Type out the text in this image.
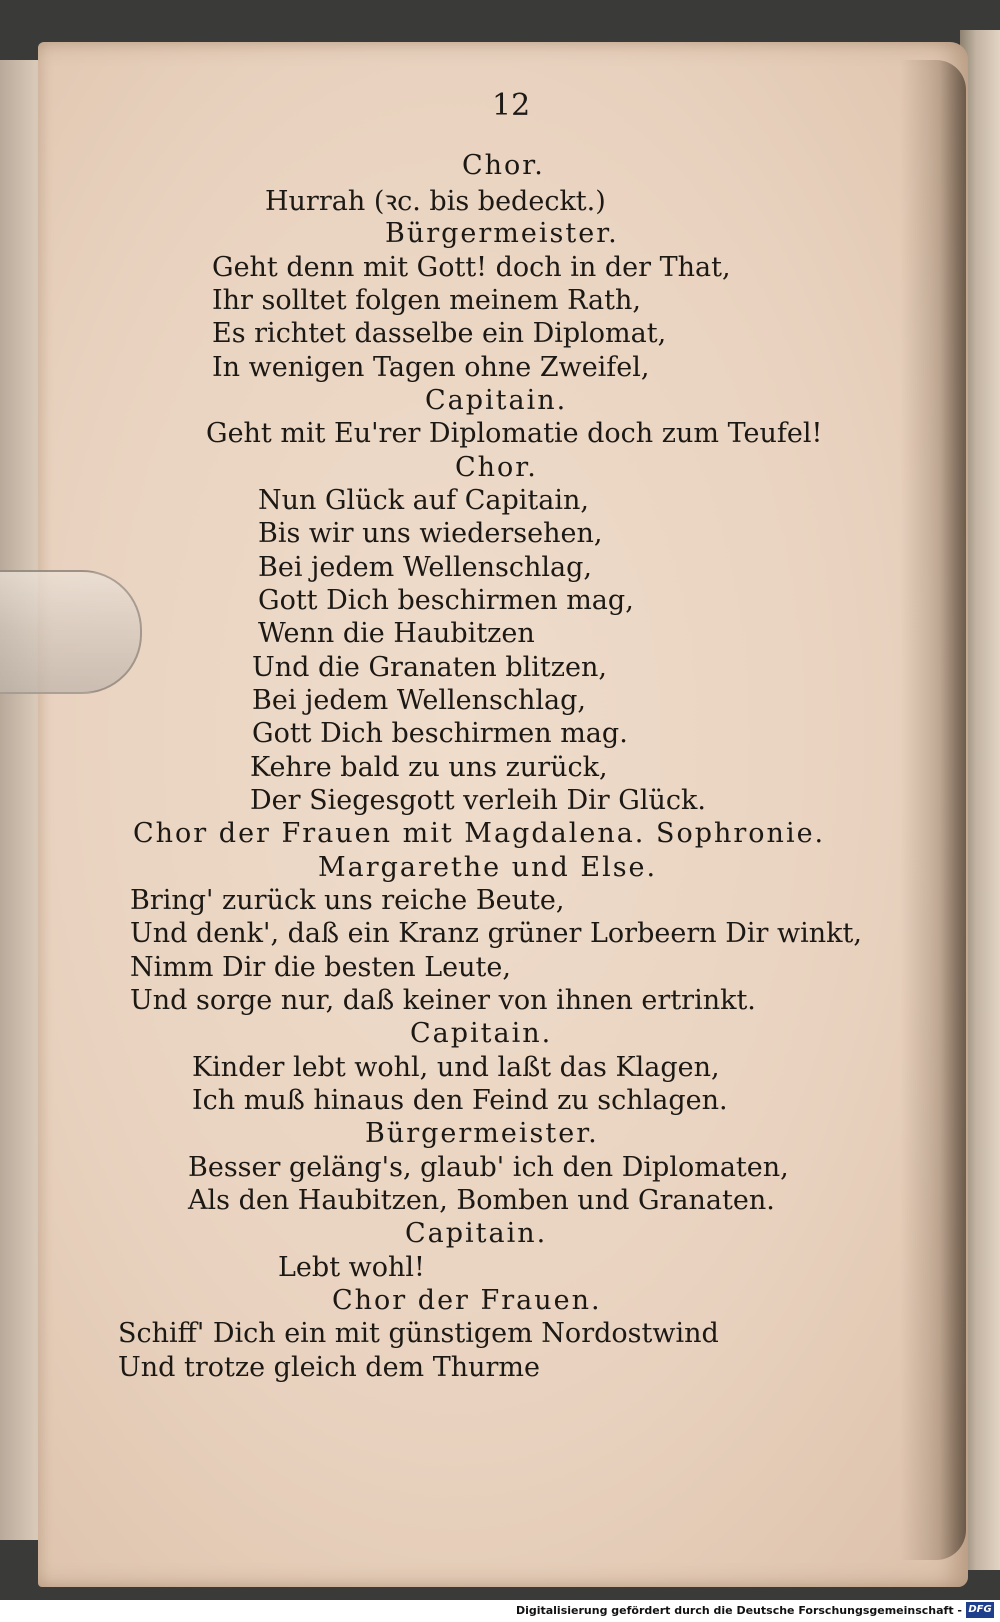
12
Chor.
Hurrah (ꝛc. bis bedeckt.)
Bürgermeister.
Geht denn mit Gott! doch in der That,
Ihr solltet folgen meinem Rath,
Es richtet dasselbe ein Diplomat,
In wenigen Tagen ohne Zweifel,
Capitain.
Geht mit Eu'rer Diplomatie doch zum Teufel!
Chor.
Nun Glück auf Capitain,
Bis wir uns wiedersehen,
Bei jedem Wellenschlag,
Gott Dich beschirmen mag,
Wenn die Haubitzen
Und die Granaten blitzen,
Bei jedem Wellenschlag,
Gott Dich beschirmen mag.
Kehre bald zu uns zurück,
Der Siegesgott verleih Dir Glück.
Chor der Frauen mit Magdalena. Sophronie.
Margarethe und Else.
Bring' zurück uns reiche Beute,
Und denk', daß ein Kranz grüner Lorbeern Dir winkt,
Nimm Dir die besten Leute,
Und sorge nur, daß keiner von ihnen ertrinkt.
Capitain.
Kinder lebt wohl, und laßt das Klagen,
Ich muß hinaus den Feind zu schlagen.
Bürgermeister.
Besser geläng's, glaub' ich den Diplomaten,
Als den Haubitzen, Bomben und Granaten.
Capitain.
Lebt wohl!
Chor der Frauen.
Schiff' Dich ein mit günstigem Nordostwind
Und trotze gleich dem Thurme
Digitalisierung gefördert durch die Deutsche Forschungsgemeinschaft - DFG
